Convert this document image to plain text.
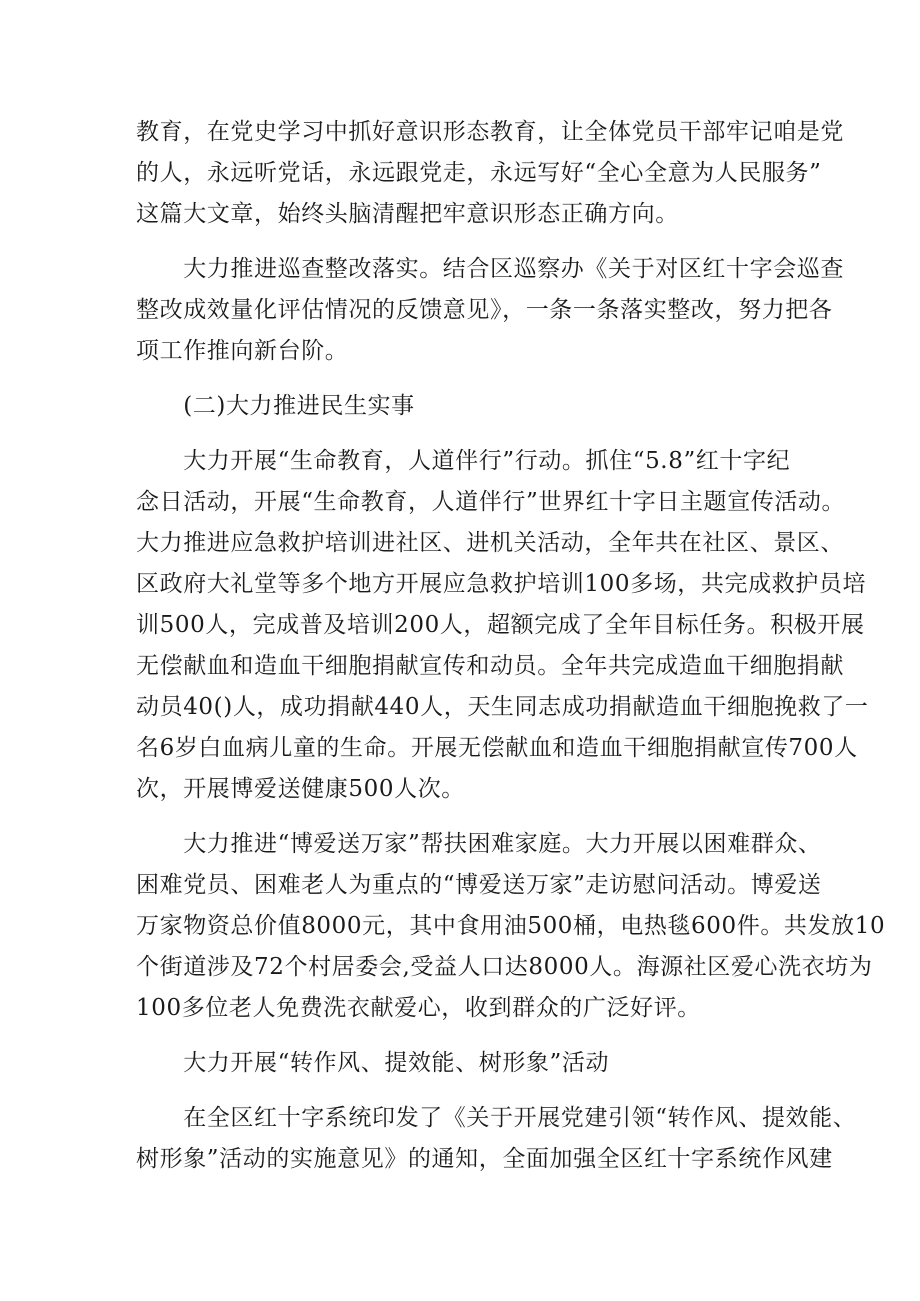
教育，在党史学习中抓好意识形态教育，让全体党员干部牢记咱是党
的人，永远听党话，永远跟党走，永远写好“全心全意为人民服务”
这篇大文章，始终头脑清醒把牢意识形态正确方向。
　　大力推进巡查整改落实。结合区巡察办《关于对区红十字会巡查
整改成效量化评估情况的反馈意见》，一条一条落实整改，努力把各
项工作推向新台阶。
　　(二)大力推进民生实事
　　大力开展“生命教育，人道伴行”行动。抓住“5.8”红十字纪
念日活动，开展“生命教育，人道伴行”世界红十字日主题宣传活动。
大力推进应急救护培训进社区、进机关活动，全年共在社区、景区、
区政府大礼堂等多个地方开展应急救护培训100多场，共完成救护员培
训500人，完成普及培训200人，超额完成了全年目标任务。积极开展
无偿献血和造血干细胞捐献宣传和动员。全年共完成造血干细胞捐献
动员40()人，成功捐献440人，天生同志成功捐献造血干细胞挽救了一
名6岁白血病儿童的生命。开展无偿献血和造血干细胞捐献宣传700人
次，开展博爱送健康500人次。
　　大力推进“博爱送万家”帮扶困难家庭。大力开展以困难群众、
困难党员、困难老人为重点的“博爱送万家”走访慰问活动。博爱送
万家物资总价值8000元，其中食用油500桶，电热毯600件。共发放10
个街道涉及72个村居委会,受益人口达8000人。海源社区爱心洗衣坊为
100多位老人免费洗衣献爱心，收到群众的广泛好评。
　　大力开展“转作风、提效能、树形象”活动
　　在全区红十字系统印发了《关于开展党建引领“转作风、提效能、
树形象”活动的实施意见》的通知，全面加强全区红十字系统作风建
